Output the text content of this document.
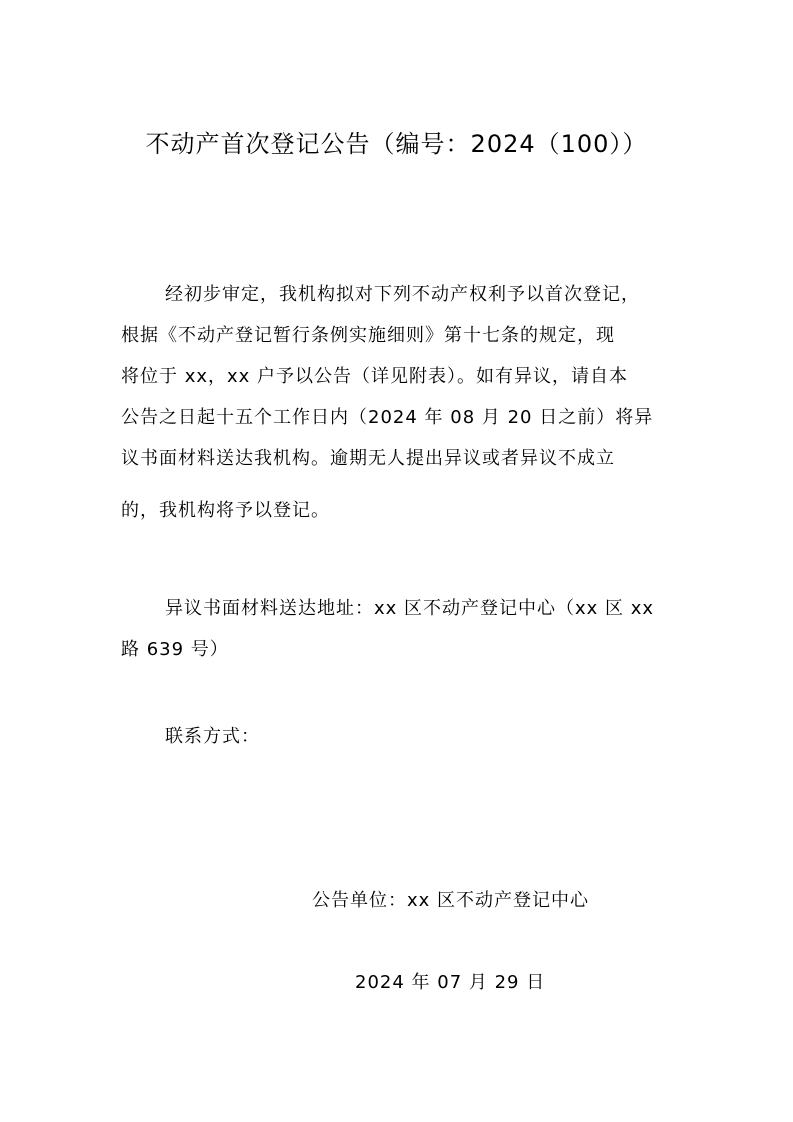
不动产首次登记公告（编号：2024（100））
经初步审定，我机构拟对下列不动产权利予以首次登记，
根据《不动产登记暂行条例实施细则》第十七条的规定，现
将位于 xx，xx 户予以公告（详见附表）。如有异议，请自本
公告之日起十五个工作日内（2024 年 08 月 20 日之前）将异
议书面材料送达我机构。逾期无人提出异议或者异议不成立
的，我机构将予以登记。
异议书面材料送达地址：xx 区不动产登记中心（xx 区 xx
路 639 号）
联系方式：
公告单位：xx 区不动产登记中心
2024 年 07 月 29 日
